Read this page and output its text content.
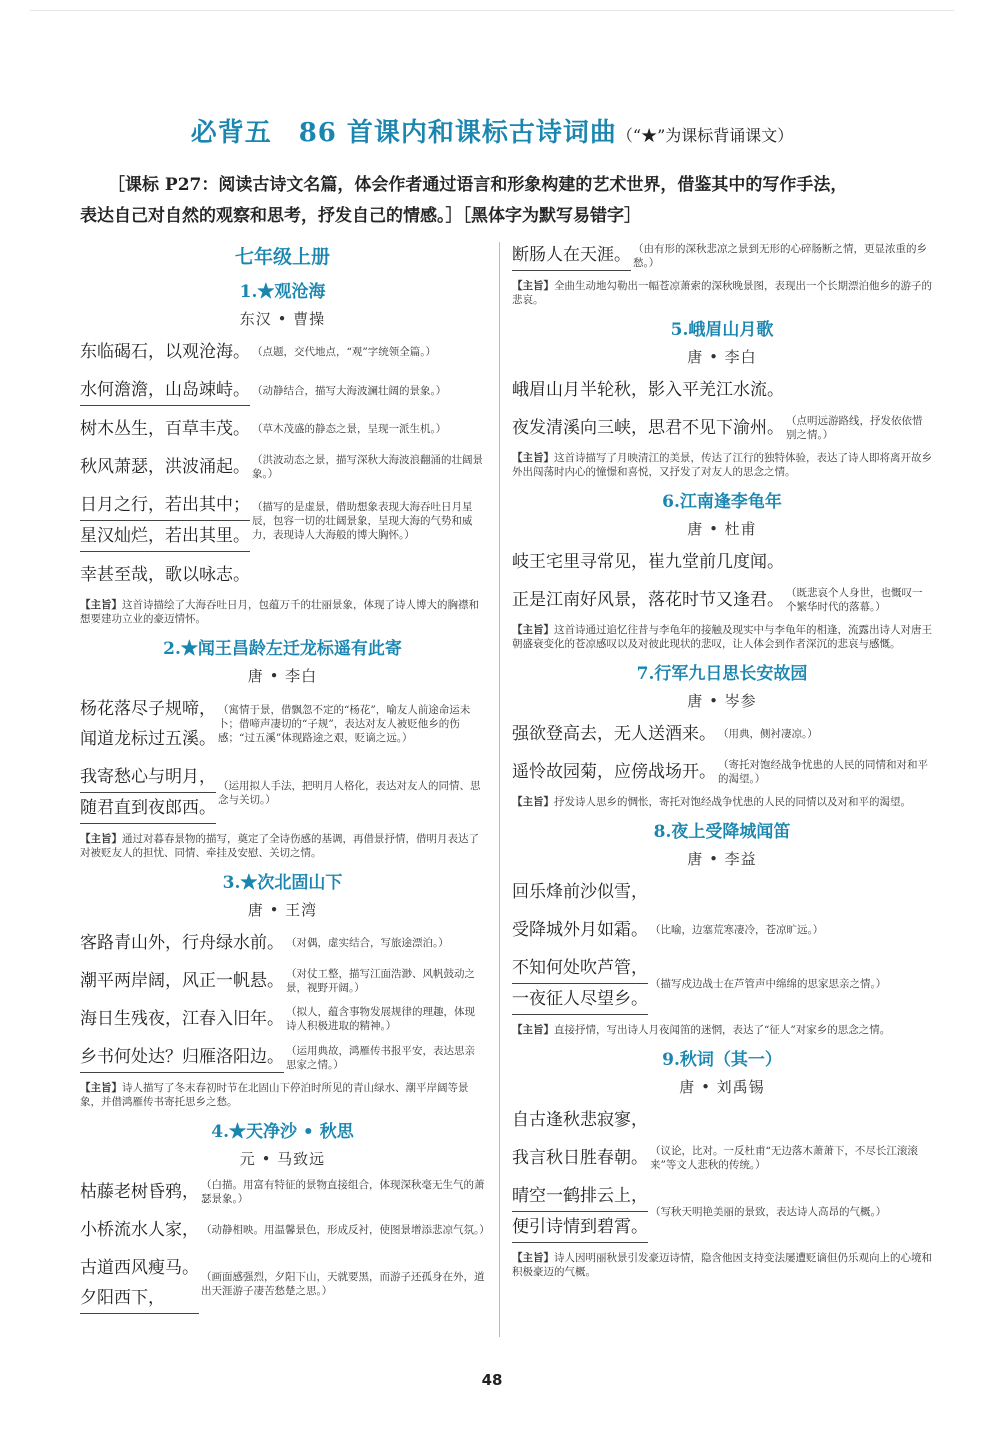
必背五　86 首课内和课标古诗词曲（“★”为课标背诵课文）
［课标 P27：阅读古诗文名篇，体会作者通过语言和形象构建的艺术世界，借鉴其中的写作手法，
表达自己对自然的观察和思考，抒发自己的情感。］［黑体字为默写易错字］
七年级上册
1.★观沧海
东汉 • 曹操
东临碣石，以观沧海。 （点题，交代地点，“观”字统领全篇。）
水何澹澹，山岛竦峙。 （动静结合，描写大海波澜壮阔的景象。）
树木丛生，百草丰茂。 （草木茂盛的静态之景，呈现一派生机。）
秋风萧瑟，洪波涌起。 （洪波动态之景，描写深秋大海波浪翻涌的壮阔景象。）
日月之行，若出其中；
星汉灿烂，若出其里。
（描写的是虚景，借助想象表现大海吞吐日月星辰，包容一切的壮阔景象，呈现大海的气势和威力，表现诗人大海般的博大胸怀。）
幸甚至哉，歌以咏志。
【主旨】这首诗描绘了大海吞吐日月，包蕴万千的壮丽景象，体现了诗人博大的胸襟和想要建功立业的豪迈情怀。
2.★闻王昌龄左迁龙标遥有此寄
唐 • 李白
杨花落尽子规啼，
闻道龙标过五溪。
（寓情于景，借飘忽不定的“杨花”，喻友人前途命运未卜；借啼声凄切的“子规”，表达对友人被贬他乡的伤感；“过五溪”体现路途之艰，贬谪之远。）
我寄愁心与明月，
随君直到夜郎西。
（运用拟人手法，把明月人格化，表达对友人的同情、思念与关切。）
【主旨】通过对暮春景物的描写，奠定了全诗伤感的基调，再借景抒情，借明月表达了对被贬友人的担忧、同情、牵挂及安慰、关切之情。
3.★次北固山下
唐 • 王湾
客路青山外，行舟绿水前。 （对偶，虚实结合，写旅途漂泊。）
潮平两岸阔，风正一帆悬。 （对仗工整，描写江面浩渺、风帆鼓动之景，视野开阔。）
海日生残夜，江春入旧年。 （拟人，蕴含事物发展规律的理趣，体现诗人积极进取的精神。）
乡书何处达？归雁洛阳边。 （运用典故，鸿雁传书报平安，表达思亲思家之情。）
【主旨】诗人描写了冬末春初时节在北固山下停泊时所见的青山绿水、潮平岸阔等景象，并借鸿雁传书寄托思乡之愁。
4.★天净沙 • 秋思
元 • 马致远
枯藤老树昏鸦， （白描。用富有特征的景物直接组合，体现深秋毫无生气的萧瑟景象。）
小桥流水人家， （动静相映。用温馨景色，形成反衬，使图景增添悲凉气氛。）
古道西风瘦马。
夕阳西下，
（画面感强烈，夕阳下山，天就要黑，而游子还孤身在外，道出天涯游子凄苦愁楚之思。）
断肠人在天涯。 （由有形的深秋悲凉之景到无形的心碎肠断之情，更显浓重的乡愁。）
【主旨】全曲生动地勾勒出一幅苍凉萧索的深秋晚景图，表现出一个长期漂泊他乡的游子的悲哀。
5.峨眉山月歌
唐 • 李白
峨眉山月半轮秋，影入平羌江水流。
夜发清溪向三峡，思君不见下渝州。 （点明远游路线，抒发依依惜别之情。）
【主旨】这首诗描写了月映清江的美景，传达了江行的独特体验，表达了诗人即将离开故乡外出闯荡时内心的憧憬和喜悦，又抒发了对友人的思念之情。
6.江南逢李龟年
唐 • 杜甫
岐王宅里寻常见，崔九堂前几度闻。
正是江南好风景，落花时节又逢君。 （既悲哀个人身世，也慨叹一个繁华时代的落幕。）
【主旨】这首诗通过追忆往昔与李龟年的接触及现实中与李龟年的相逢，流露出诗人对唐王朝盛衰变化的苍凉感叹以及对彼此现状的悲叹，让人体会到作者深沉的悲哀与感慨。
7.行军九日思长安故园
唐 • 岑参
强欲登高去，无人送酒来。 （用典，侧衬凄凉。）
遥怜故园菊，应傍战场开。 （寄托对饱经战争忧患的人民的同情和对和平的渴望。）
【主旨】抒发诗人思乡的惆怅，寄托对饱经战争忧患的人民的同情以及对和平的渴望。
8.夜上受降城闻笛
唐 • 李益
回乐烽前沙似雪，
受降城外月如霜。 （比喻，边塞荒寒凄冷，苍凉旷远。）
不知何处吹芦管，
一夜征人尽望乡。
（描写戍边战士在芦管声中绵绵的思家思亲之情。）
【主旨】直接抒情，写出诗人月夜闻笛的迷惘，表达了“征人”对家乡的思念之情。
9.秋词（其一）
唐 • 刘禹锡
自古逢秋悲寂寥，
我言秋日胜春朝。 （议论，比对。一反杜甫“无边落木萧萧下，不尽长江滚滚来”等文人悲秋的传统。）
晴空一鹤排云上，
便引诗情到碧霄。
（写秋天明艳美丽的景致，表达诗人高昂的气概。）
【主旨】诗人因明丽秋景引发豪迈诗情，隐含他因支持变法屡遭贬谪但仍乐观向上的心境和积极豪迈的气概。
48
